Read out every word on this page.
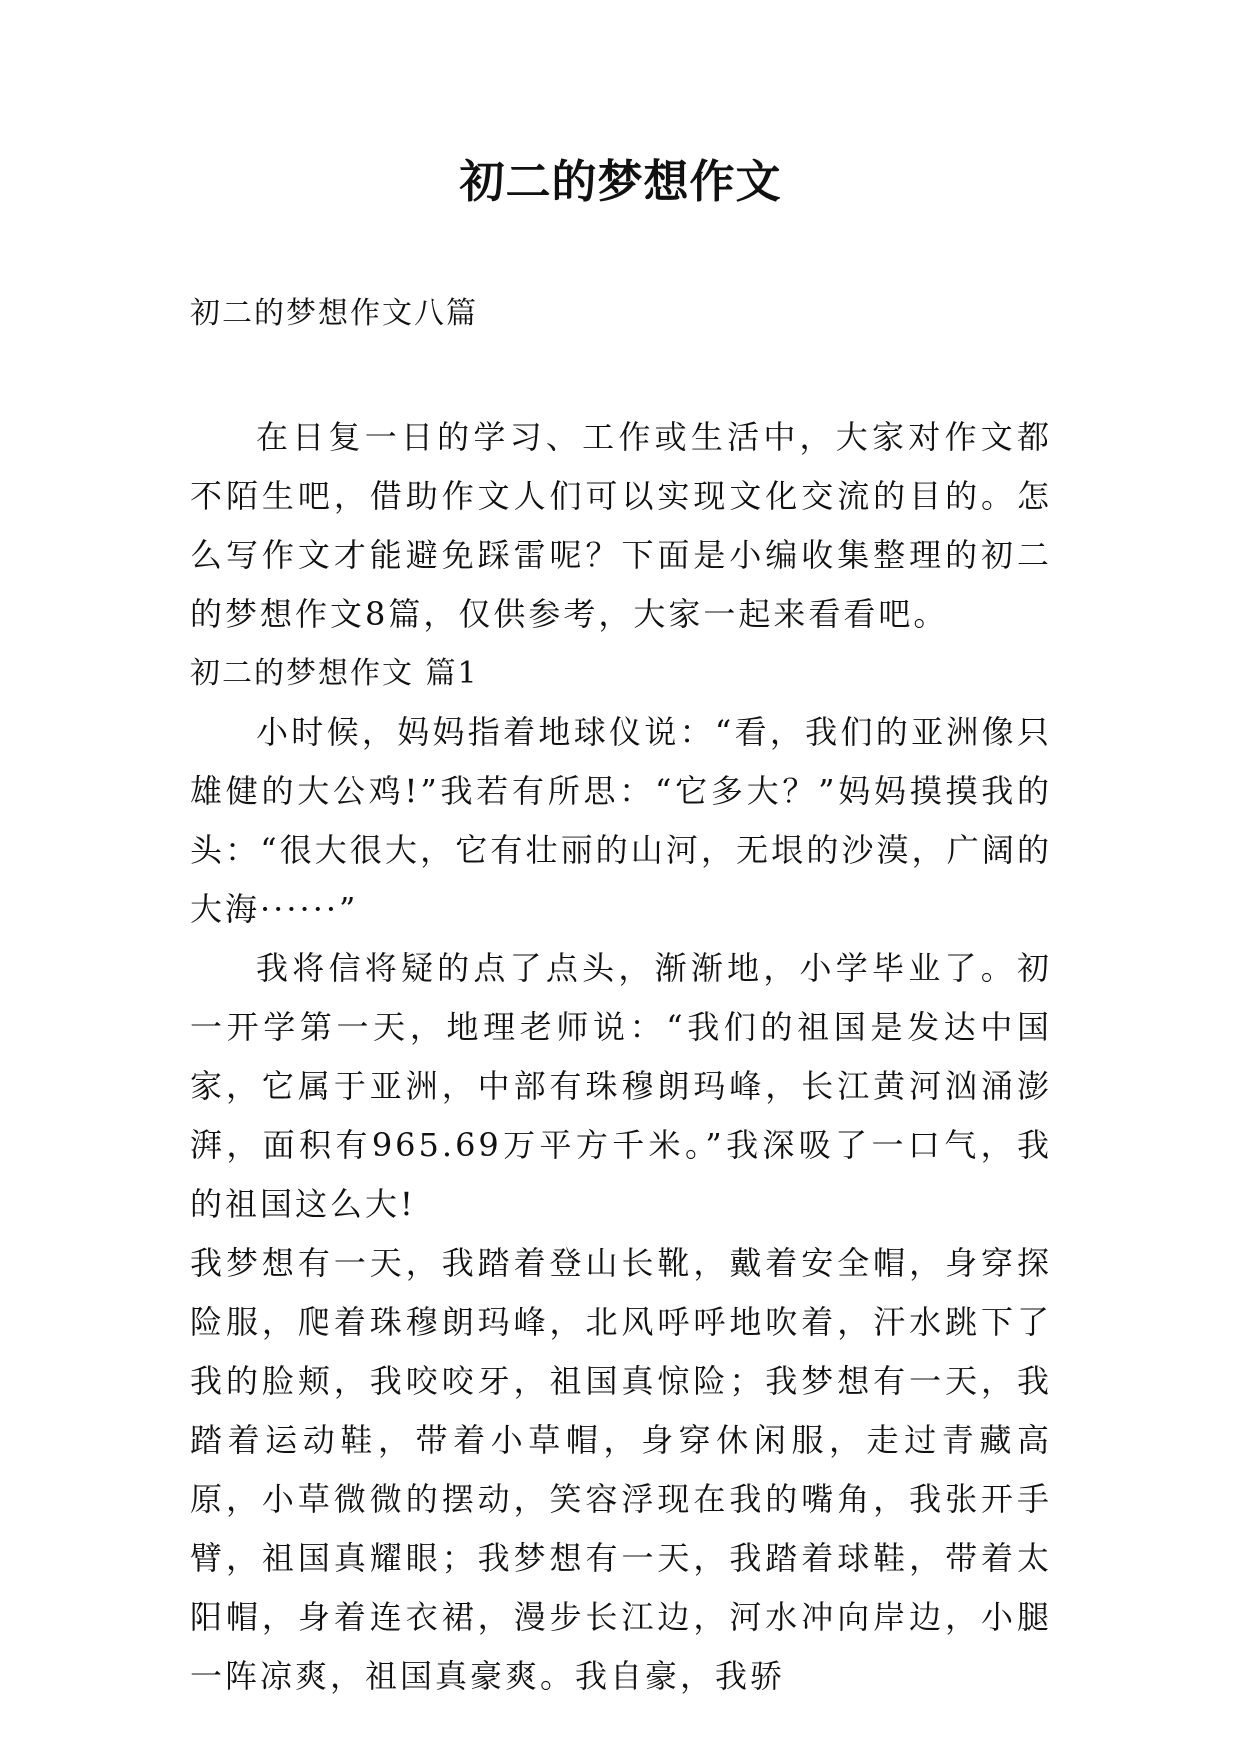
初二的梦想作文
初二的梦想作文八篇

在日复一日的学习、工作或生活中，大家对作文都不陌生吧，借助作文人们可以实现文化交流的目的。怎么写作文才能避免踩雷呢？下面是小编收集整理的初二的梦想作文8篇，仅供参考，大家一起来看看吧。

初二的梦想作文 篇1

小时候，妈妈指着地球仪说：“看，我们的亚洲像只雄健的大公鸡!”我若有所思：“它多大？”妈妈摸摸我的头：“很大很大，它有壮丽的山河，无垠的沙漠，广阔的大海······”

我将信将疑的点了点头，渐渐地，小学毕业了。初一开学第一天，地理老师说：“我们的祖国是发达中国家，它属于亚洲，中部有珠穆朗玛峰，长江黄河汹涌澎湃，面积有965.69万平方千米。”我深吸了一口气，我的祖国这么大!

我梦想有一天，我踏着登山长靴，戴着安全帽，身穿探险服，爬着珠穆朗玛峰，北风呼呼地吹着，汗水跳下了我的脸颊，我咬咬牙，祖国真惊险；我梦想有一天，我踏着运动鞋，带着小草帽，身穿休闲服，走过青藏高原，小草微微的摆动，笑容浮现在我的嘴角，我张开手臂，祖国真耀眼；我梦想有一天，我踏着球鞋，带着太阳帽，身着连衣裙，漫步长江边，河水冲向岸边，小腿一阵凉爽，祖国真豪爽。我自豪，我骄
